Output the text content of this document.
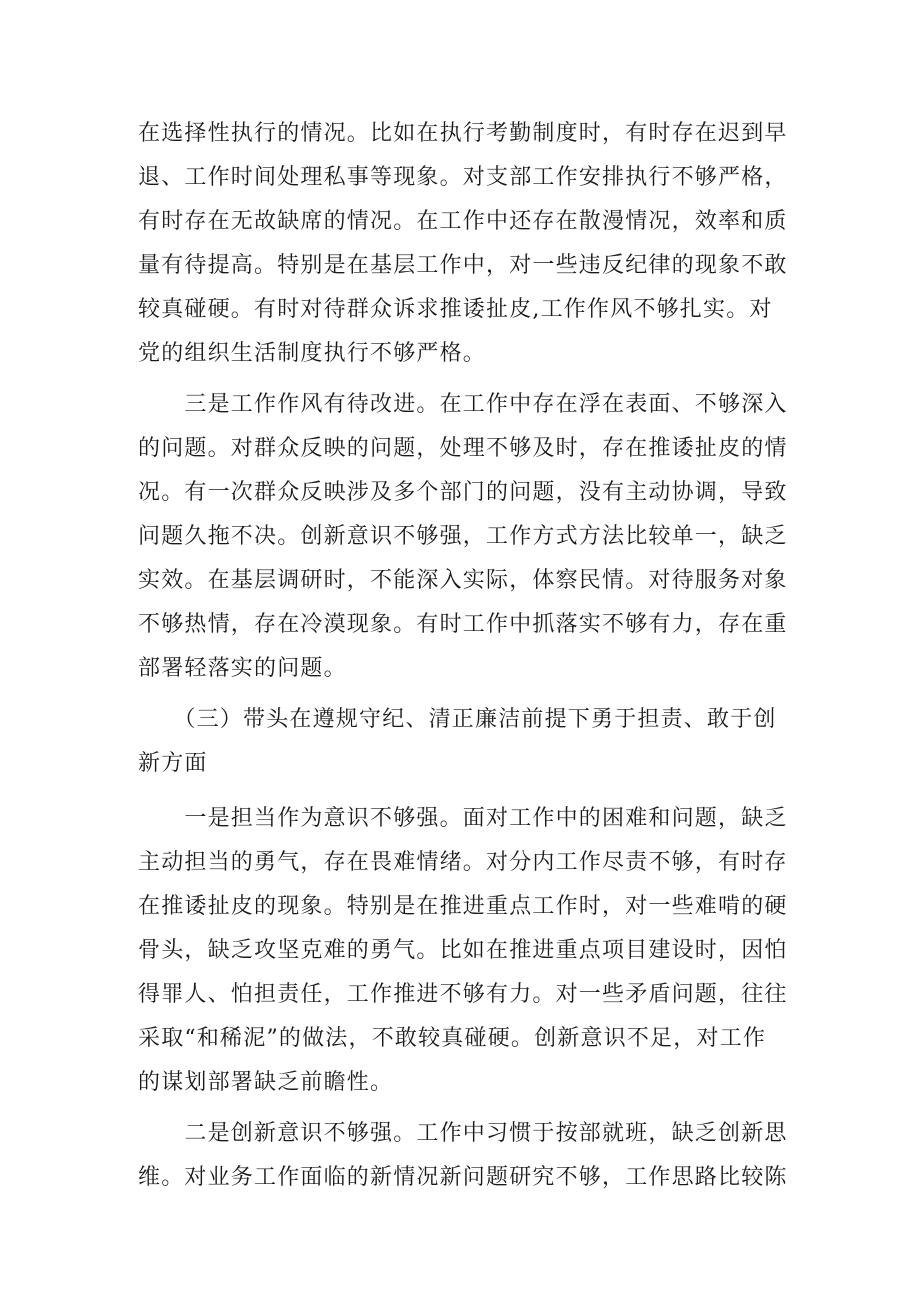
在选择性执行的情况。比如在执行考勤制度时，有时存在迟到早
退、工作时间处理私事等现象。对支部工作安排执行不够严格，
有时存在无故缺席的情况。在工作中还存在散漫情况，效率和质
量有待提高。特别是在基层工作中，对一些违反纪律的现象不敢
较真碰硬。有时对待群众诉求推诿扯皮,工作作风不够扎实。对
党的组织生活制度执行不够严格。
　　三是工作作风有待改进。在工作中存在浮在表面、不够深入
的问题。对群众反映的问题，处理不够及时，存在推诿扯皮的情
况。有一次群众反映涉及多个部门的问题，没有主动协调，导致
问题久拖不决。创新意识不够强，工作方式方法比较单一，缺乏
实效。在基层调研时，不能深入实际，体察民情。对待服务对象
不够热情，存在冷漠现象。有时工作中抓落实不够有力，存在重
部署轻落实的问题。
　　（三）带头在遵规守纪、清正廉洁前提下勇于担责、敢于创
新方面
　　一是担当作为意识不够强。面对工作中的困难和问题，缺乏
主动担当的勇气，存在畏难情绪。对分内工作尽责不够，有时存
在推诿扯皮的现象。特别是在推进重点工作时，对一些难啃的硬
骨头，缺乏攻坚克难的勇气。比如在推进重点项目建设时，因怕
得罪人、怕担责任，工作推进不够有力。对一些矛盾问题，往往
采取“和稀泥”的做法，不敢较真碰硬。创新意识不足，对工作
的谋划部署缺乏前瞻性。
　　二是创新意识不够强。工作中习惯于按部就班，缺乏创新思
维。对业务工作面临的新情况新问题研究不够，工作思路比较陈
